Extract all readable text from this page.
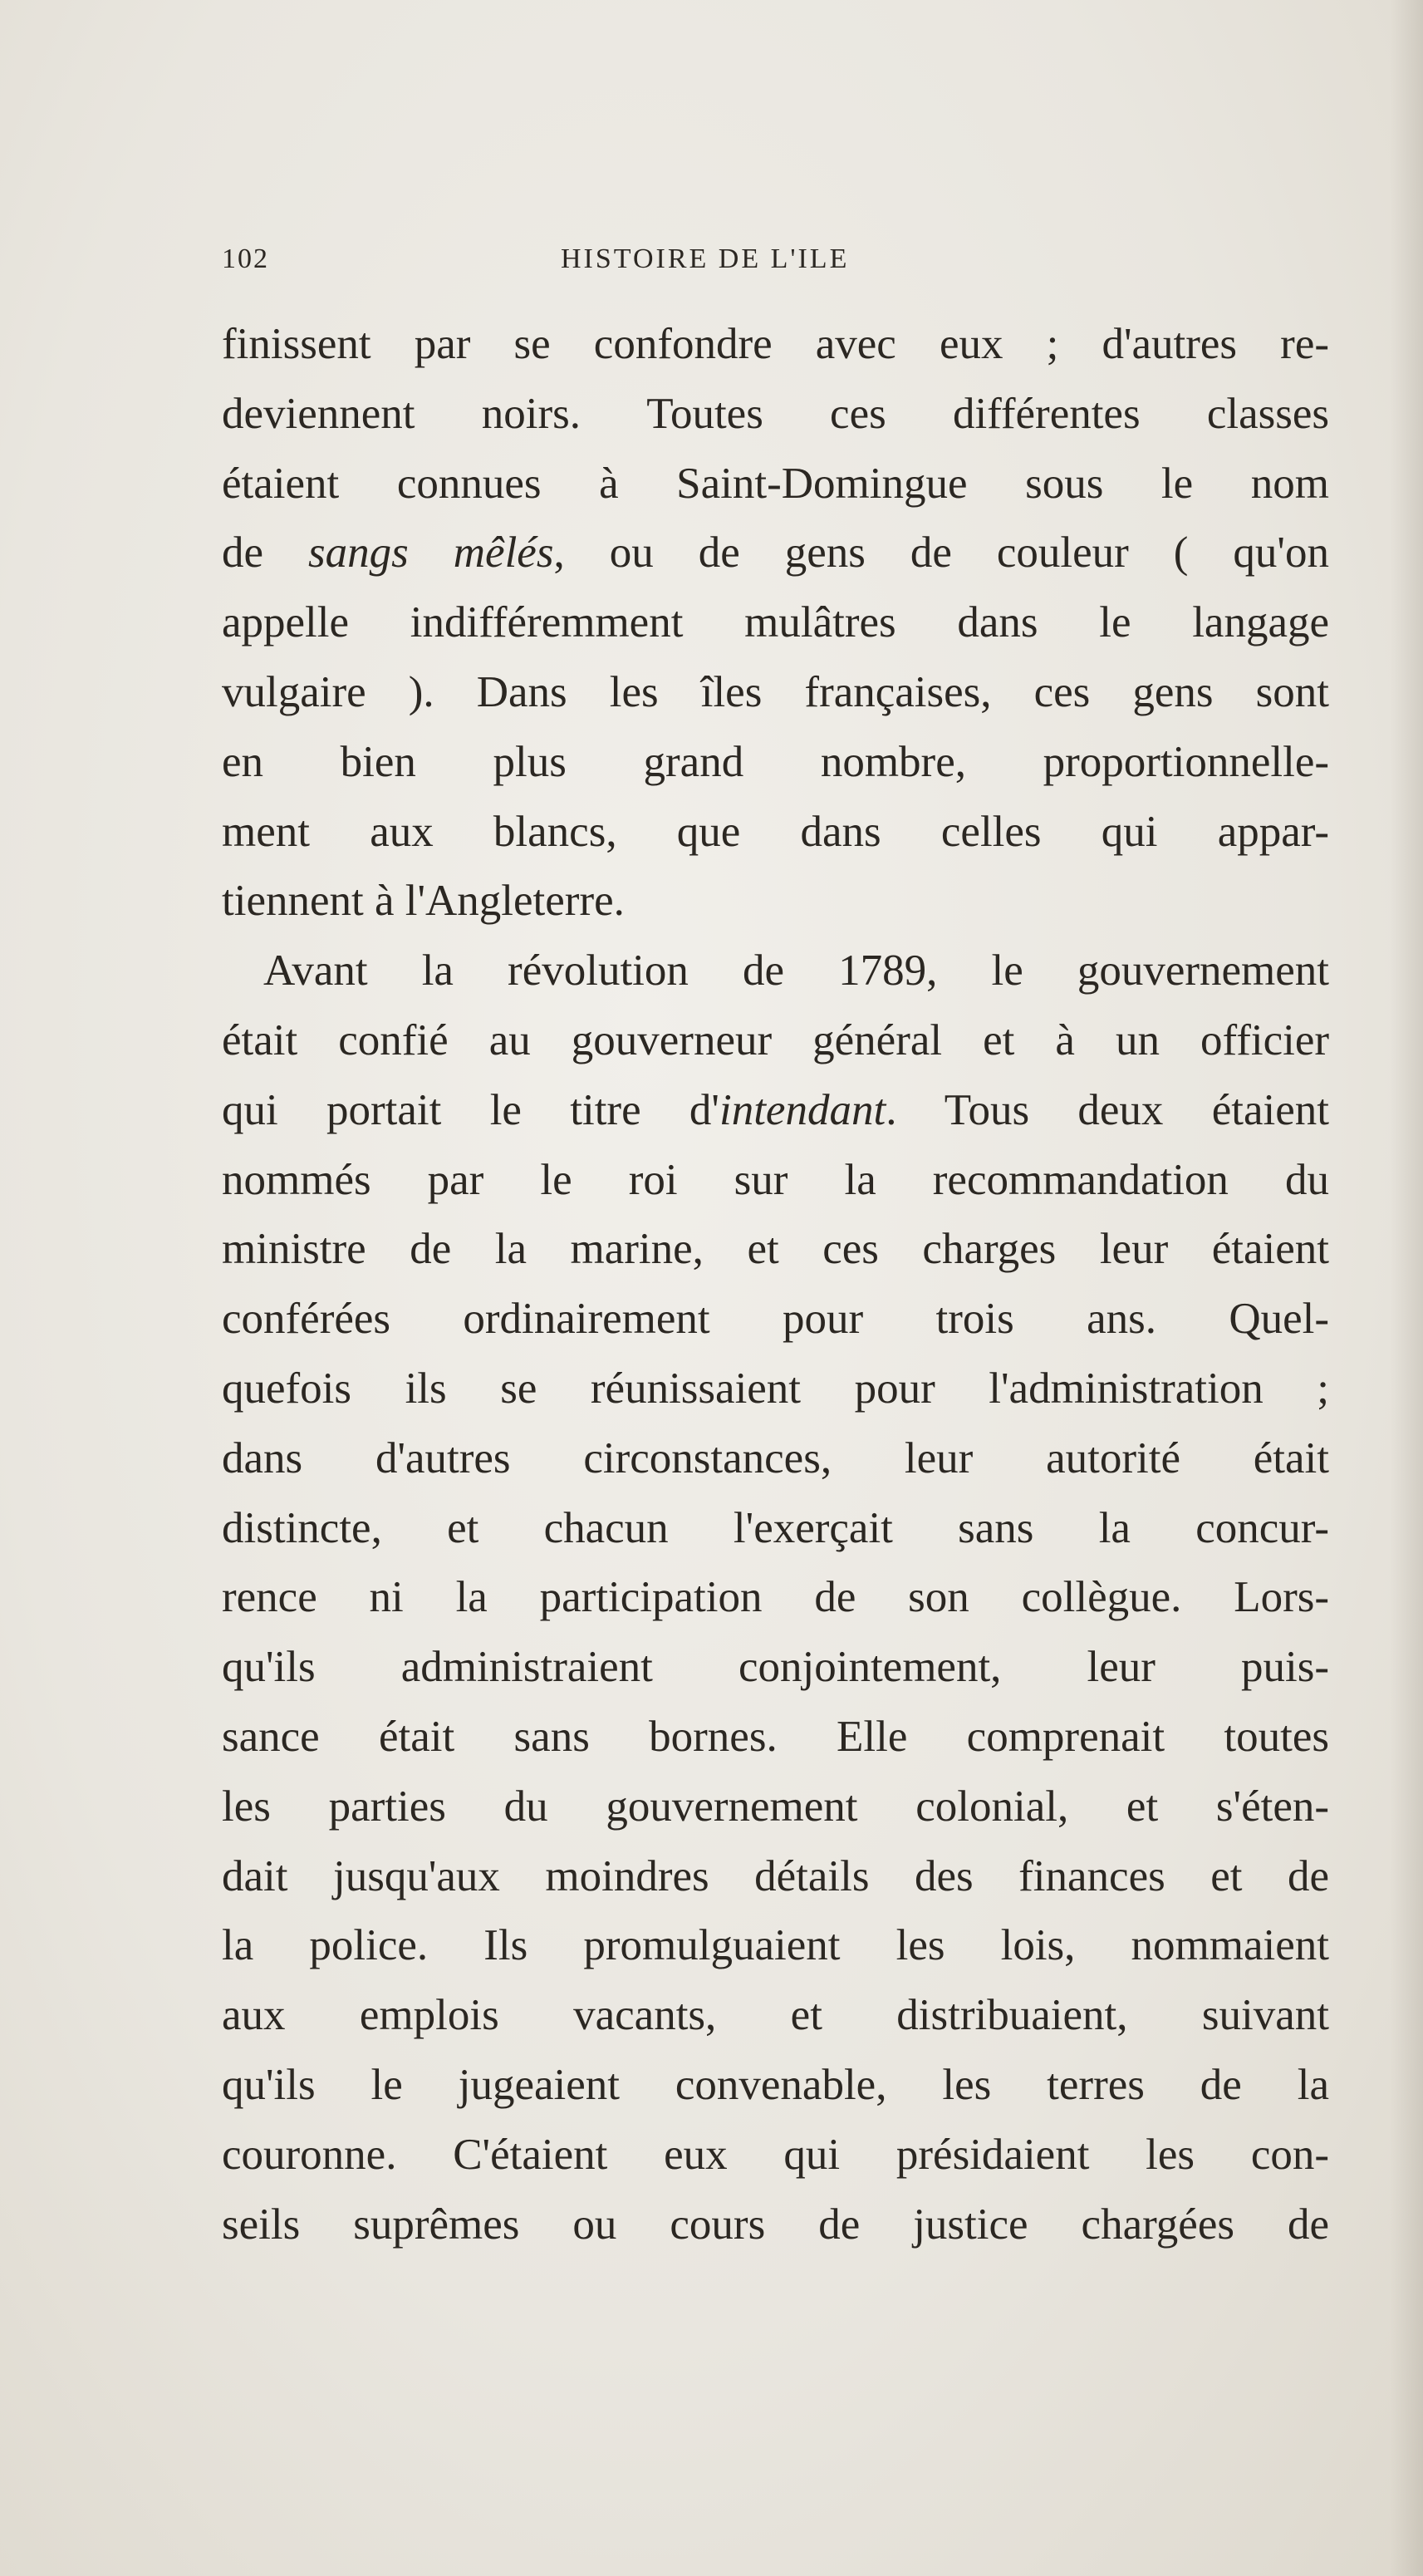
102	HISTOIRE DE L'ILE
finissent par se confondre avec eux ; d'autres re-
deviennent noirs. Toutes ces différentes classes
étaient connues à Saint-Domingue sous le nom
de sangs mêlés, ou de gens de couleur ( qu'on
appelle indifféremment mulâtres dans le langage
vulgaire ). Dans les îles françaises, ces gens sont
en bien plus grand nombre, proportionnelle-
ment aux blancs, que dans celles qui appar-
tiennent à l'Angleterre.
Avant la révolution de 1789, le gouvernement
était confié au gouverneur général et à un officier
qui portait le titre d'intendant. Tous deux étaient
nommés par le roi sur la recommandation du
ministre de la marine, et ces charges leur étaient
conférées ordinairement pour trois ans. Quel-
quefois ils se réunissaient pour l'administration ;
dans d'autres circonstances, leur autorité était
distincte, et chacun l'exerçait sans la concur-
rence ni la participation de son collègue. Lors-
qu'ils administraient conjointement, leur puis-
sance était sans bornes. Elle comprenait toutes
les parties du gouvernement colonial, et s'éten-
dait jusqu'aux moindres détails des finances et de
la police. Ils promulguaient les lois, nommaient
aux emplois vacants, et distribuaient, suivant
qu'ils le jugeaient convenable, les terres de la
couronne. C'étaient eux qui présidaient les con-
seils suprêmes ou cours de justice chargées de
